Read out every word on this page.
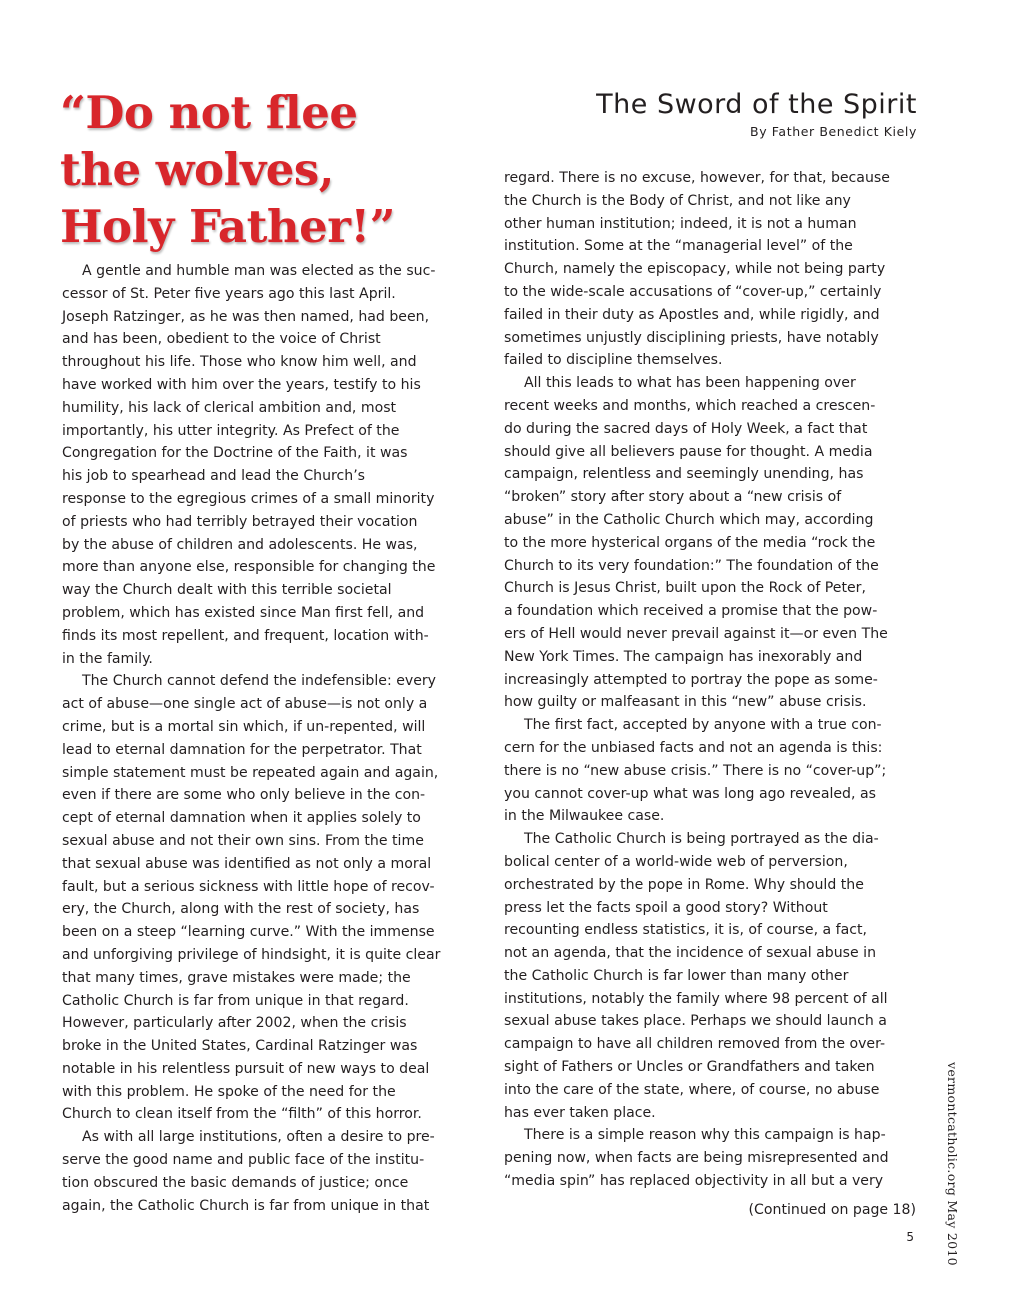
“Do not flee
the wolves,
Holy Father!”
The Sword of the Spirit
By Father Benedict Kiely

A gentle and humble man was elected as the suc-
cessor of St. Peter five years ago this last April.
Joseph Ratzinger, as he was then named, had been,
and has been, obedient to the voice of Christ
throughout his life. Those who know him well, and
have worked with him over the years, testify to his
humility, his lack of clerical ambition and, most
importantly, his utter integrity. As Prefect of the
Congregation for the Doctrine of the Faith, it was
his job to spearhead and lead the Church’s
response to the egregious crimes of a small minority
of priests who had terribly betrayed their vocation
by the abuse of children and adolescents. He was,
more than anyone else, responsible for changing the
way the Church dealt with this terrible societal
problem, which has existed since Man first fell, and
finds its most repellent, and frequent, location with-
in the family.

The Church cannot defend the indefensible: every
act of abuse—one single act of abuse—is not only a
crime, but is a mortal sin which, if un-repented, will
lead to eternal damnation for the perpetrator. That
simple statement must be repeated again and again,
even if there are some who only believe in the con-
cept of eternal damnation when it applies solely to
sexual abuse and not their own sins. From the time
that sexual abuse was identified as not only a moral
fault, but a serious sickness with little hope of recov-
ery, the Church, along with the rest of society, has
been on a steep “learning curve.” With the immense
and unforgiving privilege of hindsight, it is quite clear
that many times, grave mistakes were made; the
Catholic Church is far from unique in that regard.
However, particularly after 2002, when the crisis
broke in the United States, Cardinal Ratzinger was
notable in his relentless pursuit of new ways to deal
with this problem. He spoke of the need for the
Church to clean itself from the “filth” of this horror.

As with all large institutions, often a desire to pre-
serve the good name and public face of the institu-
tion obscured the basic demands of justice; once
again, the Catholic Church is far from unique in that

regard. There is no excuse, however, for that, because
the Church is the Body of Christ, and not like any
other human institution; indeed, it is not a human
institution. Some at the “managerial level” of the
Church, namely the episcopacy, while not being party
to the wide-scale accusations of “cover-up,” certainly
failed in their duty as Apostles and, while rigidly, and
sometimes unjustly disciplining priests, have notably
failed to discipline themselves.

All this leads to what has been happening over
recent weeks and months, which reached a crescen-
do during the sacred days of Holy Week, a fact that
should give all believers pause for thought. A media
campaign, relentless and seemingly unending, has
“broken” story after story about a “new crisis of
abuse” in the Catholic Church which may, according
to the more hysterical organs of the media “rock the
Church to its very foundation:” The foundation of the
Church is Jesus Christ, built upon the Rock of Peter,
a foundation which received a promise that the pow-
ers of Hell would never prevail against it—or even The
New York Times. The campaign has inexorably and
increasingly attempted to portray the pope as some-
how guilty or malfeasant in this “new” abuse crisis.

The first fact, accepted by anyone with a true con-
cern for the unbiased facts and not an agenda is this:
there is no “new abuse crisis.” There is no “cover-up”;
you cannot cover-up what was long ago revealed, as
in the Milwaukee case.

The Catholic Church is being portrayed as the dia-
bolical center of a world-wide web of perversion,
orchestrated by the pope in Rome. Why should the
press let the facts spoil a good story? Without
recounting endless statistics, it is, of course, a fact,
not an agenda, that the incidence of sexual abuse in
the Catholic Church is far lower than many other
institutions, notably the family where 98 percent of all
sexual abuse takes place. Perhaps we should launch a
campaign to have all children removed from the over-
sight of Fathers or Uncles or Grandfathers and taken
into the care of the state, where, of course, no abuse
has ever taken place.

There is a simple reason why this campaign is hap-
pening now, when facts are being misrepresented and
“media spin” has replaced objectivity in all but a very

(Continued on page 18)
5 vermontcatholic.org May 2010
